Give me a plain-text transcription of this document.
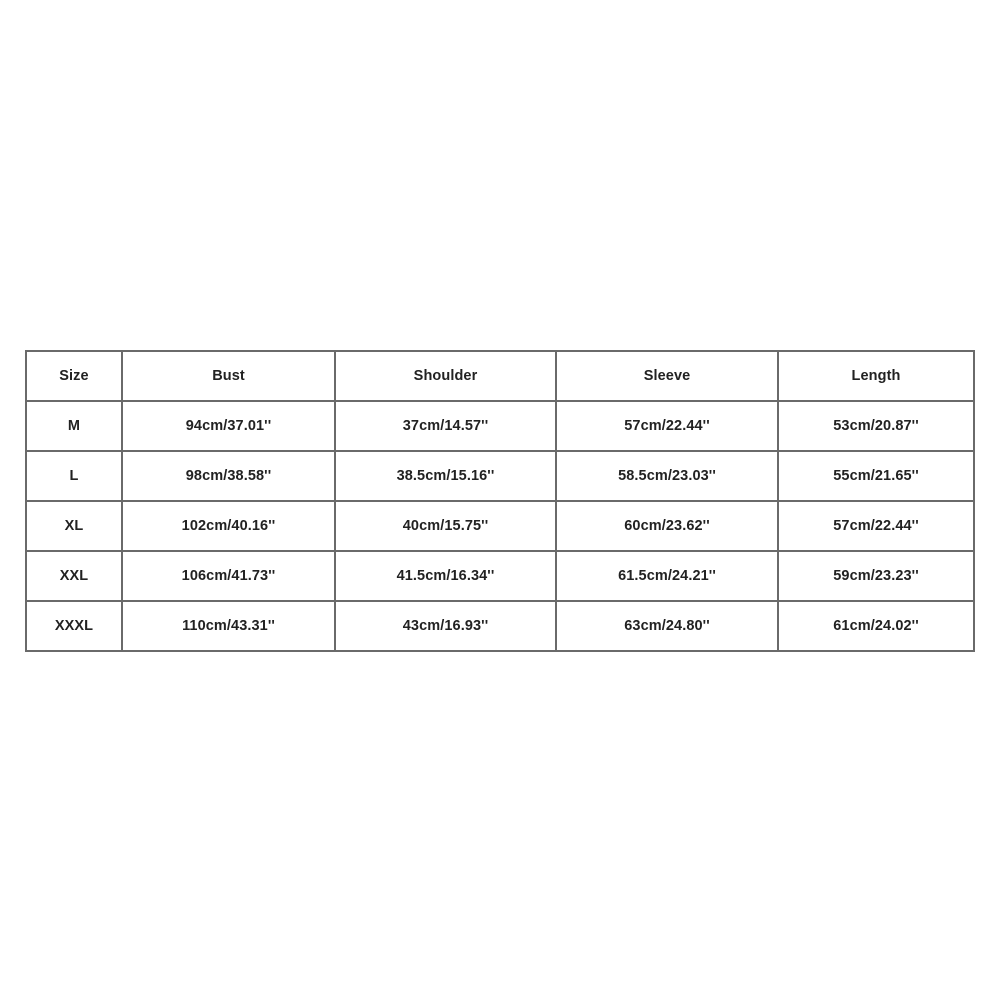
Size	Bust	Shoulder	Sleeve	Length
M	94cm/37.01''	37cm/14.57''	57cm/22.44''	53cm/20.87''
L	98cm/38.58''	38.5cm/15.16''	58.5cm/23.03''	55cm/21.65''
XL	102cm/40.16''	40cm/15.75''	60cm/23.62''	57cm/22.44''
XXL	106cm/41.73''	41.5cm/16.34''	61.5cm/24.21''	59cm/23.23''
XXXL	110cm/43.31''	43cm/16.93''	63cm/24.80''	61cm/24.02''
